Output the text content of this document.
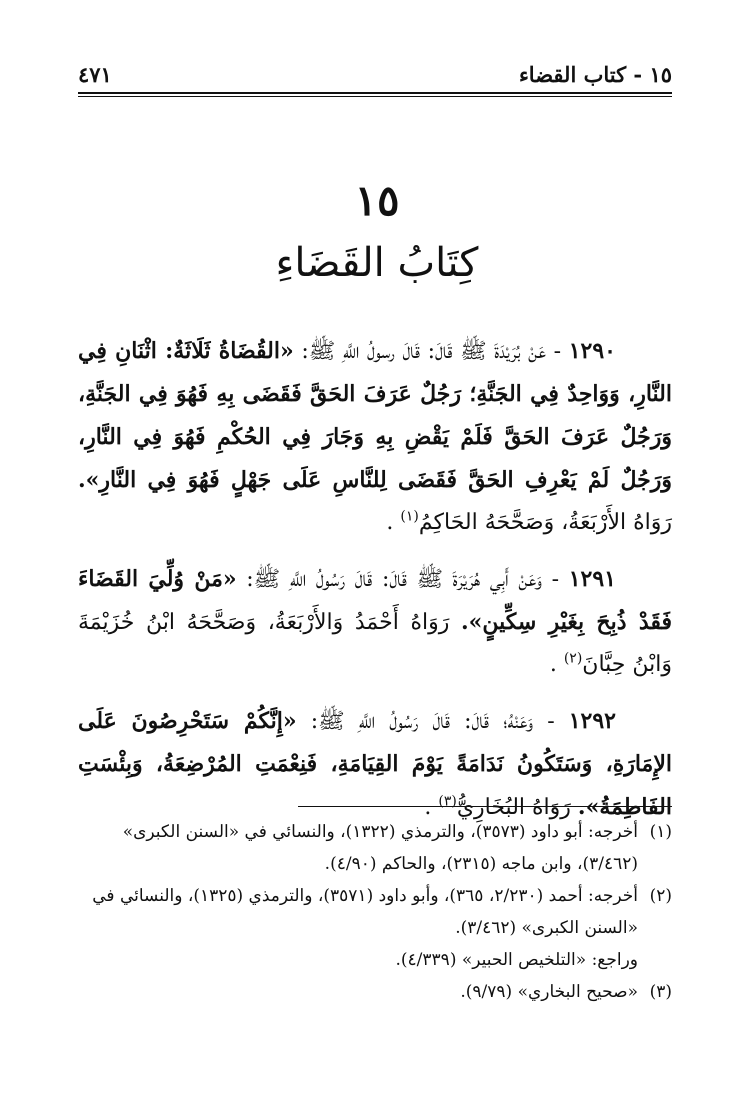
١٥ - كتاب القضاء
٤٧١
١٥
كِتَابُ القَضَاءِ

١٢٩٠ - عَنْ بُرَيْدَةَ ﷺ قَالَ: قَالَ رسولُ اللَّهِ ﷺ: «القُضَاةُ ثَلَاثَةٌ: اثْنَانِ فِي النَّارِ، وَوَاحِدٌ فِي الجَنَّةِ؛ رَجُلٌ عَرَفَ الحَقَّ فَقَضَى بِهِ فَهُوَ فِي الجَنَّةِ، وَرَجُلٌ عَرَفَ الحَقَّ فَلَمْ يَقْضِ بِهِ وَجَارَ فِي الحُكْمِ فَهُوَ فِي النَّارِ، وَرَجُلٌ لَمْ يَعْرِفِ الحَقَّ فَقَضَى لِلنَّاسِ عَلَى جَهْلٍ فَهُوَ فِي النَّارِ». رَوَاهُ الأَرْبَعَةُ، وَصَحَّحَهُ الحَاكِمُ$^{(١)}$ .

١٢٩١ - وَعَنْ أَبِي هُرَيْرَةَ ﷺ قَالَ: قَالَ رَسُولُ اللَّهِ ﷺ: «مَنْ وُلِّيَ القَضَاءَ فَقَدْ ذُبِحَ بِغَيْرِ سِكِّينٍ». رَوَاهُ أَحْمَدُ وَالأَرْبَعَةُ، وَصَحَّحَهُ ابْنُ خُزَيْمَةَ وَابْنُ حِبَّانَ$^{(٢)}$ .

١٢٩٢ - وَعَنْهُ؛ قَالَ: قَالَ رَسُولُ اللَّهِ ﷺ: «إِنَّكُمْ سَتَحْرِصُونَ عَلَى الإِمَارَةِ، وَسَتَكُونُ نَدَامَةً يَوْمَ القِيَامَةِ، فَنِعْمَتِ المُرْضِعَةُ، وَبِئْسَتِ الفَاطِمَةُ». رَوَاهُ البُخَارِيُّ$^{(٣)}$ .

(١)أخرجه: أبو داود (٣٥٧٣)، والترمذي (١٣٢٢)، والنسائي في «السنن الكبرى» (٣/٤٦٢)، وابن ماجه (٢٣١٥)، والحاكم (٤/٩٠).

(٢)أخرجه: أحمد (٢/٢٣٠، ٣٦٥)، وأبو داود (٣٥٧١)، والترمذي (١٣٢٥)، والنسائي في «السنن الكبرى» (٣/٤٦٢).

وراجع: «التلخيص الحبير» (٤/٣٣٩).

(٣)«صحيح البخاري» (٩/٧٩).
